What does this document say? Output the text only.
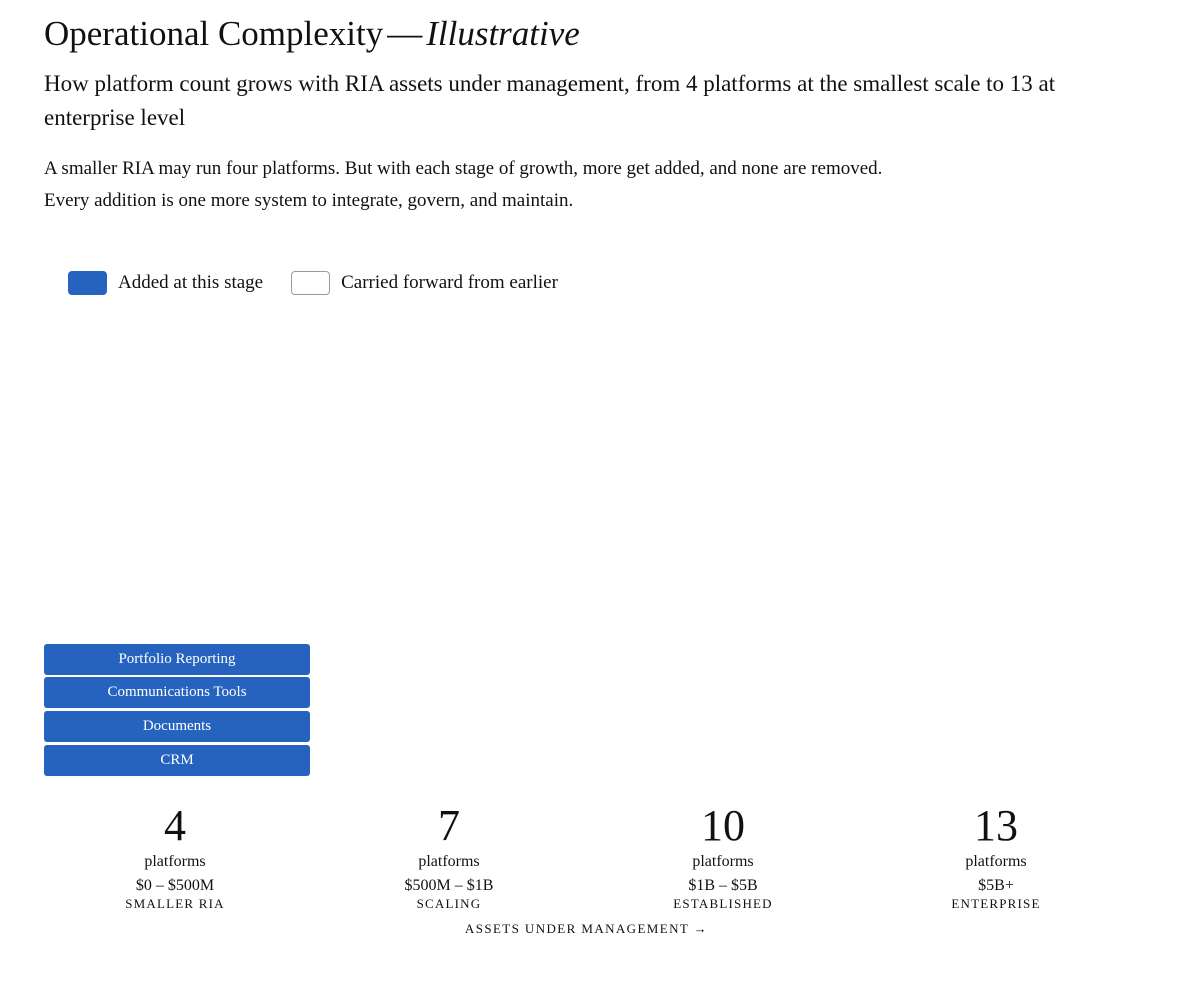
Operational Complexity — Illustrative

How platform count grows with RIA assets under management, from 4 platforms at the smallest scale to 13 at enterprise level

A smaller RIA may run four platforms. But with each stage of growth, more get added, and none are removed. Every addition is one more system to integrate, govern, and maintain.

Added at this stage	Carried forward from earlier
Portfolio Reporting
Communications Tools
Documents
CRM
4
platforms
$0 – $500M
SMALLER RIA
7
platforms
$500M – $1B
SCALING
10
platforms
$1B – $5B
ESTABLISHED
13
platforms
$5B+
ENTERPRISE
ASSETS UNDER MANAGEMENT →
